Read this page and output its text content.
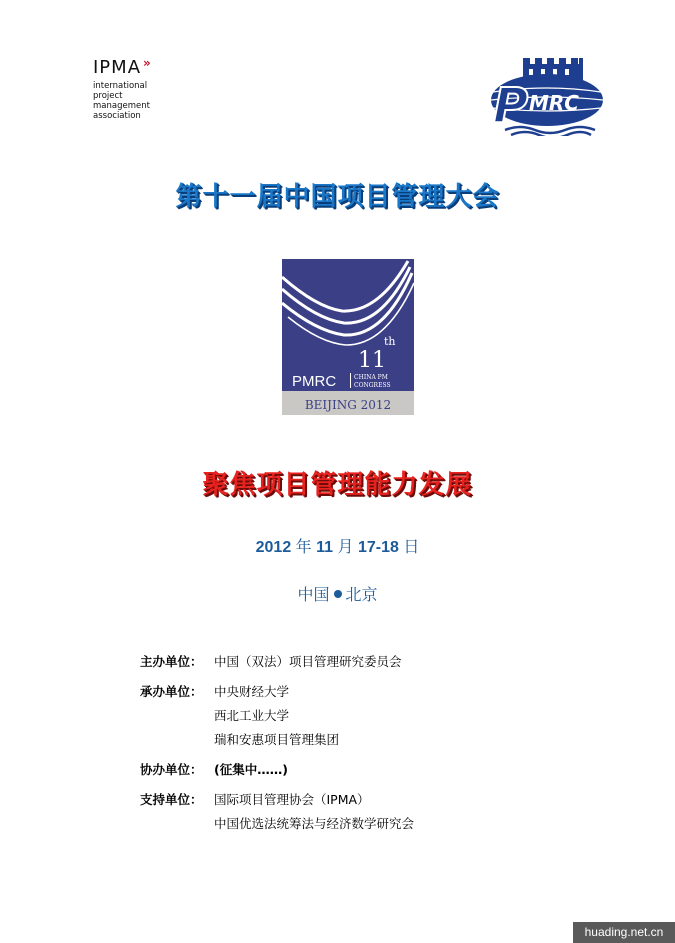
IPMA »
international
project
management
association	P MRC
第十一届中国项目管理大会
11
th
PMRC	CHINA PM
CONGRESS
BEIJING 2012
聚焦项目管理能力发展
2012 年 11 月 17-18 日
中国 北京
主办单位： 中国（双法）项目管理研究委员会
承办单位： 中央财经大学
西北工业大学
瑞和安惠项目管理集团
协办单位： (征集中……)
支持单位： 国际项目管理协会（IPMA）
中国优选法统筹法与经济数学研究会
huading.net.cn
